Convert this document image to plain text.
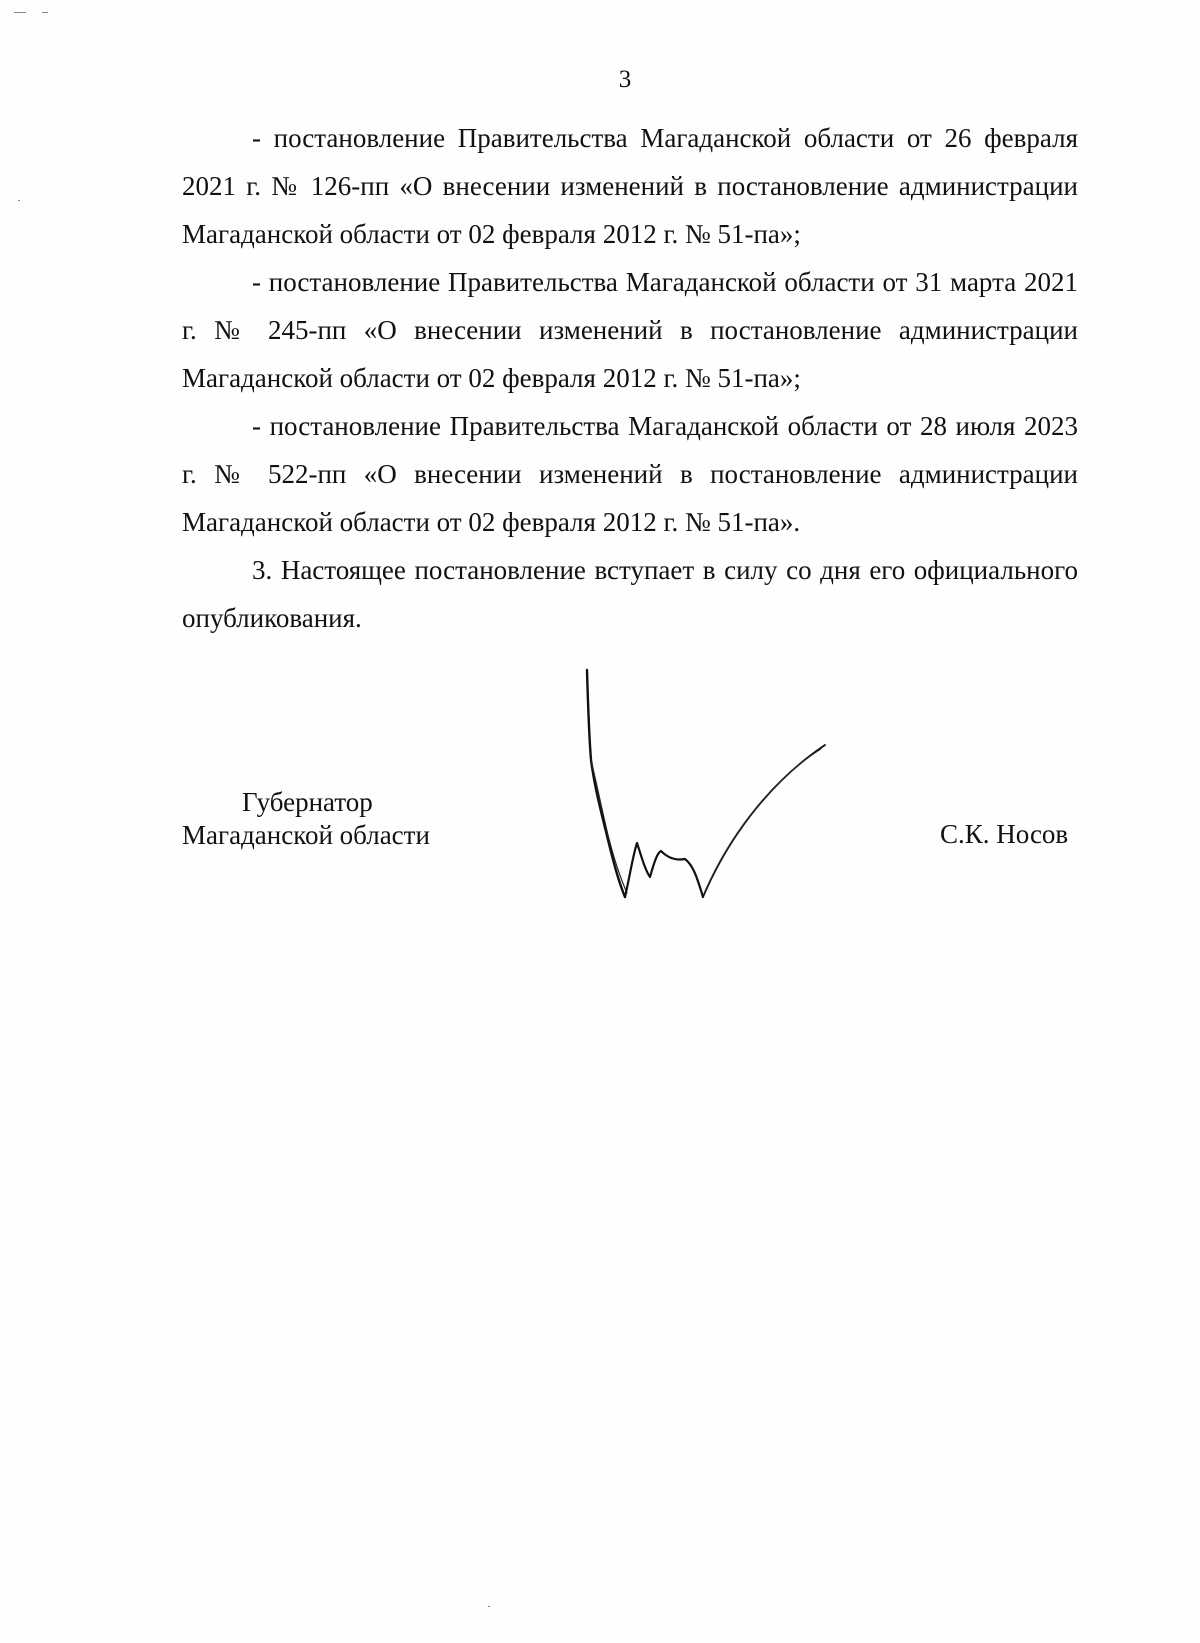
3

- постановление Правительства Магаданской области от 26 февраля 2021 г. № 126-пп «О внесении изменений в постановление администрации Магаданской области от 02 февраля 2012 г. № 51-па»;

- постановление Правительства Магаданской области от 31 марта 2021 г. № 245-пп «О внесении изменений в постановление администрации Магаданской области от 02 февраля 2012 г. № 51-па»;

- постановление Правительства Магаданской области от 28 июля 2023 г. № 522-пп «О внесении изменений в постановление администрации Магаданской области от 02 февраля 2012 г. № 51-па».

3. Настоящее постановление вступает в силу со дня его официального опубликования.

Губернатор
Магаданской области	С.К. Носов
